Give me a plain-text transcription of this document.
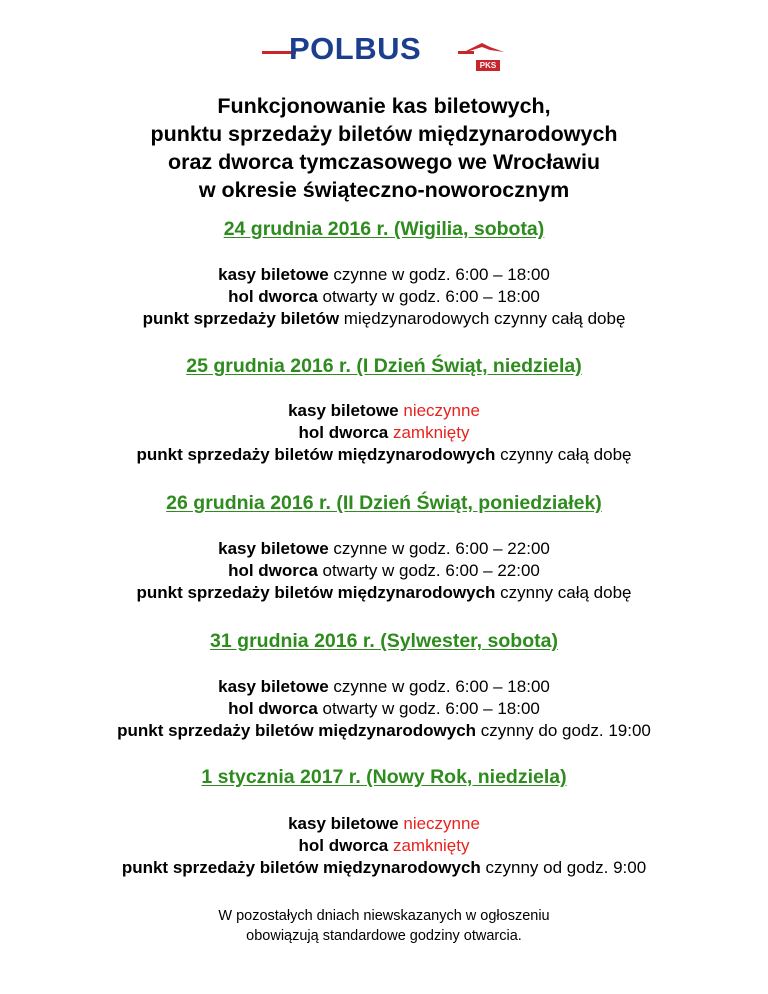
POLBUS	PKS
Funkcjonowanie kas biletowych,
punktu sprzedaży biletów międzynarodowych
oraz dworca tymczasowego we Wrocławiu
w okresie świąteczno-noworocznym
24 grudnia 2016 r. (Wigilia, sobota)
kasy biletowe czynne w godz. 6:00 – 18:00
hol dworca otwarty w godz. 6:00 – 18:00
punkt sprzedaży biletów międzynarodowych czynny całą dobę
25 grudnia 2016 r. (I Dzień Świąt, niedziela)
kasy biletowe nieczynne
hol dworca zamknięty
punkt sprzedaży biletów międzynarodowych czynny całą dobę
26 grudnia 2016 r. (II Dzień Świąt, poniedziałek)
kasy biletowe czynne w godz. 6:00 – 22:00
hol dworca otwarty w godz. 6:00 – 22:00
punkt sprzedaży biletów międzynarodowych czynny całą dobę
31 grudnia 2016 r. (Sylwester, sobota)
kasy biletowe czynne w godz. 6:00 – 18:00
hol dworca otwarty w godz. 6:00 – 18:00
punkt sprzedaży biletów międzynarodowych czynny do godz. 19:00
1 stycznia 2017 r. (Nowy Rok, niedziela)
kasy biletowe nieczynne
hol dworca zamknięty
punkt sprzedaży biletów międzynarodowych czynny od godz. 9:00
W pozostałych dniach niewskazanych w ogłoszeniu
obowiązują standardowe godziny otwarcia.
